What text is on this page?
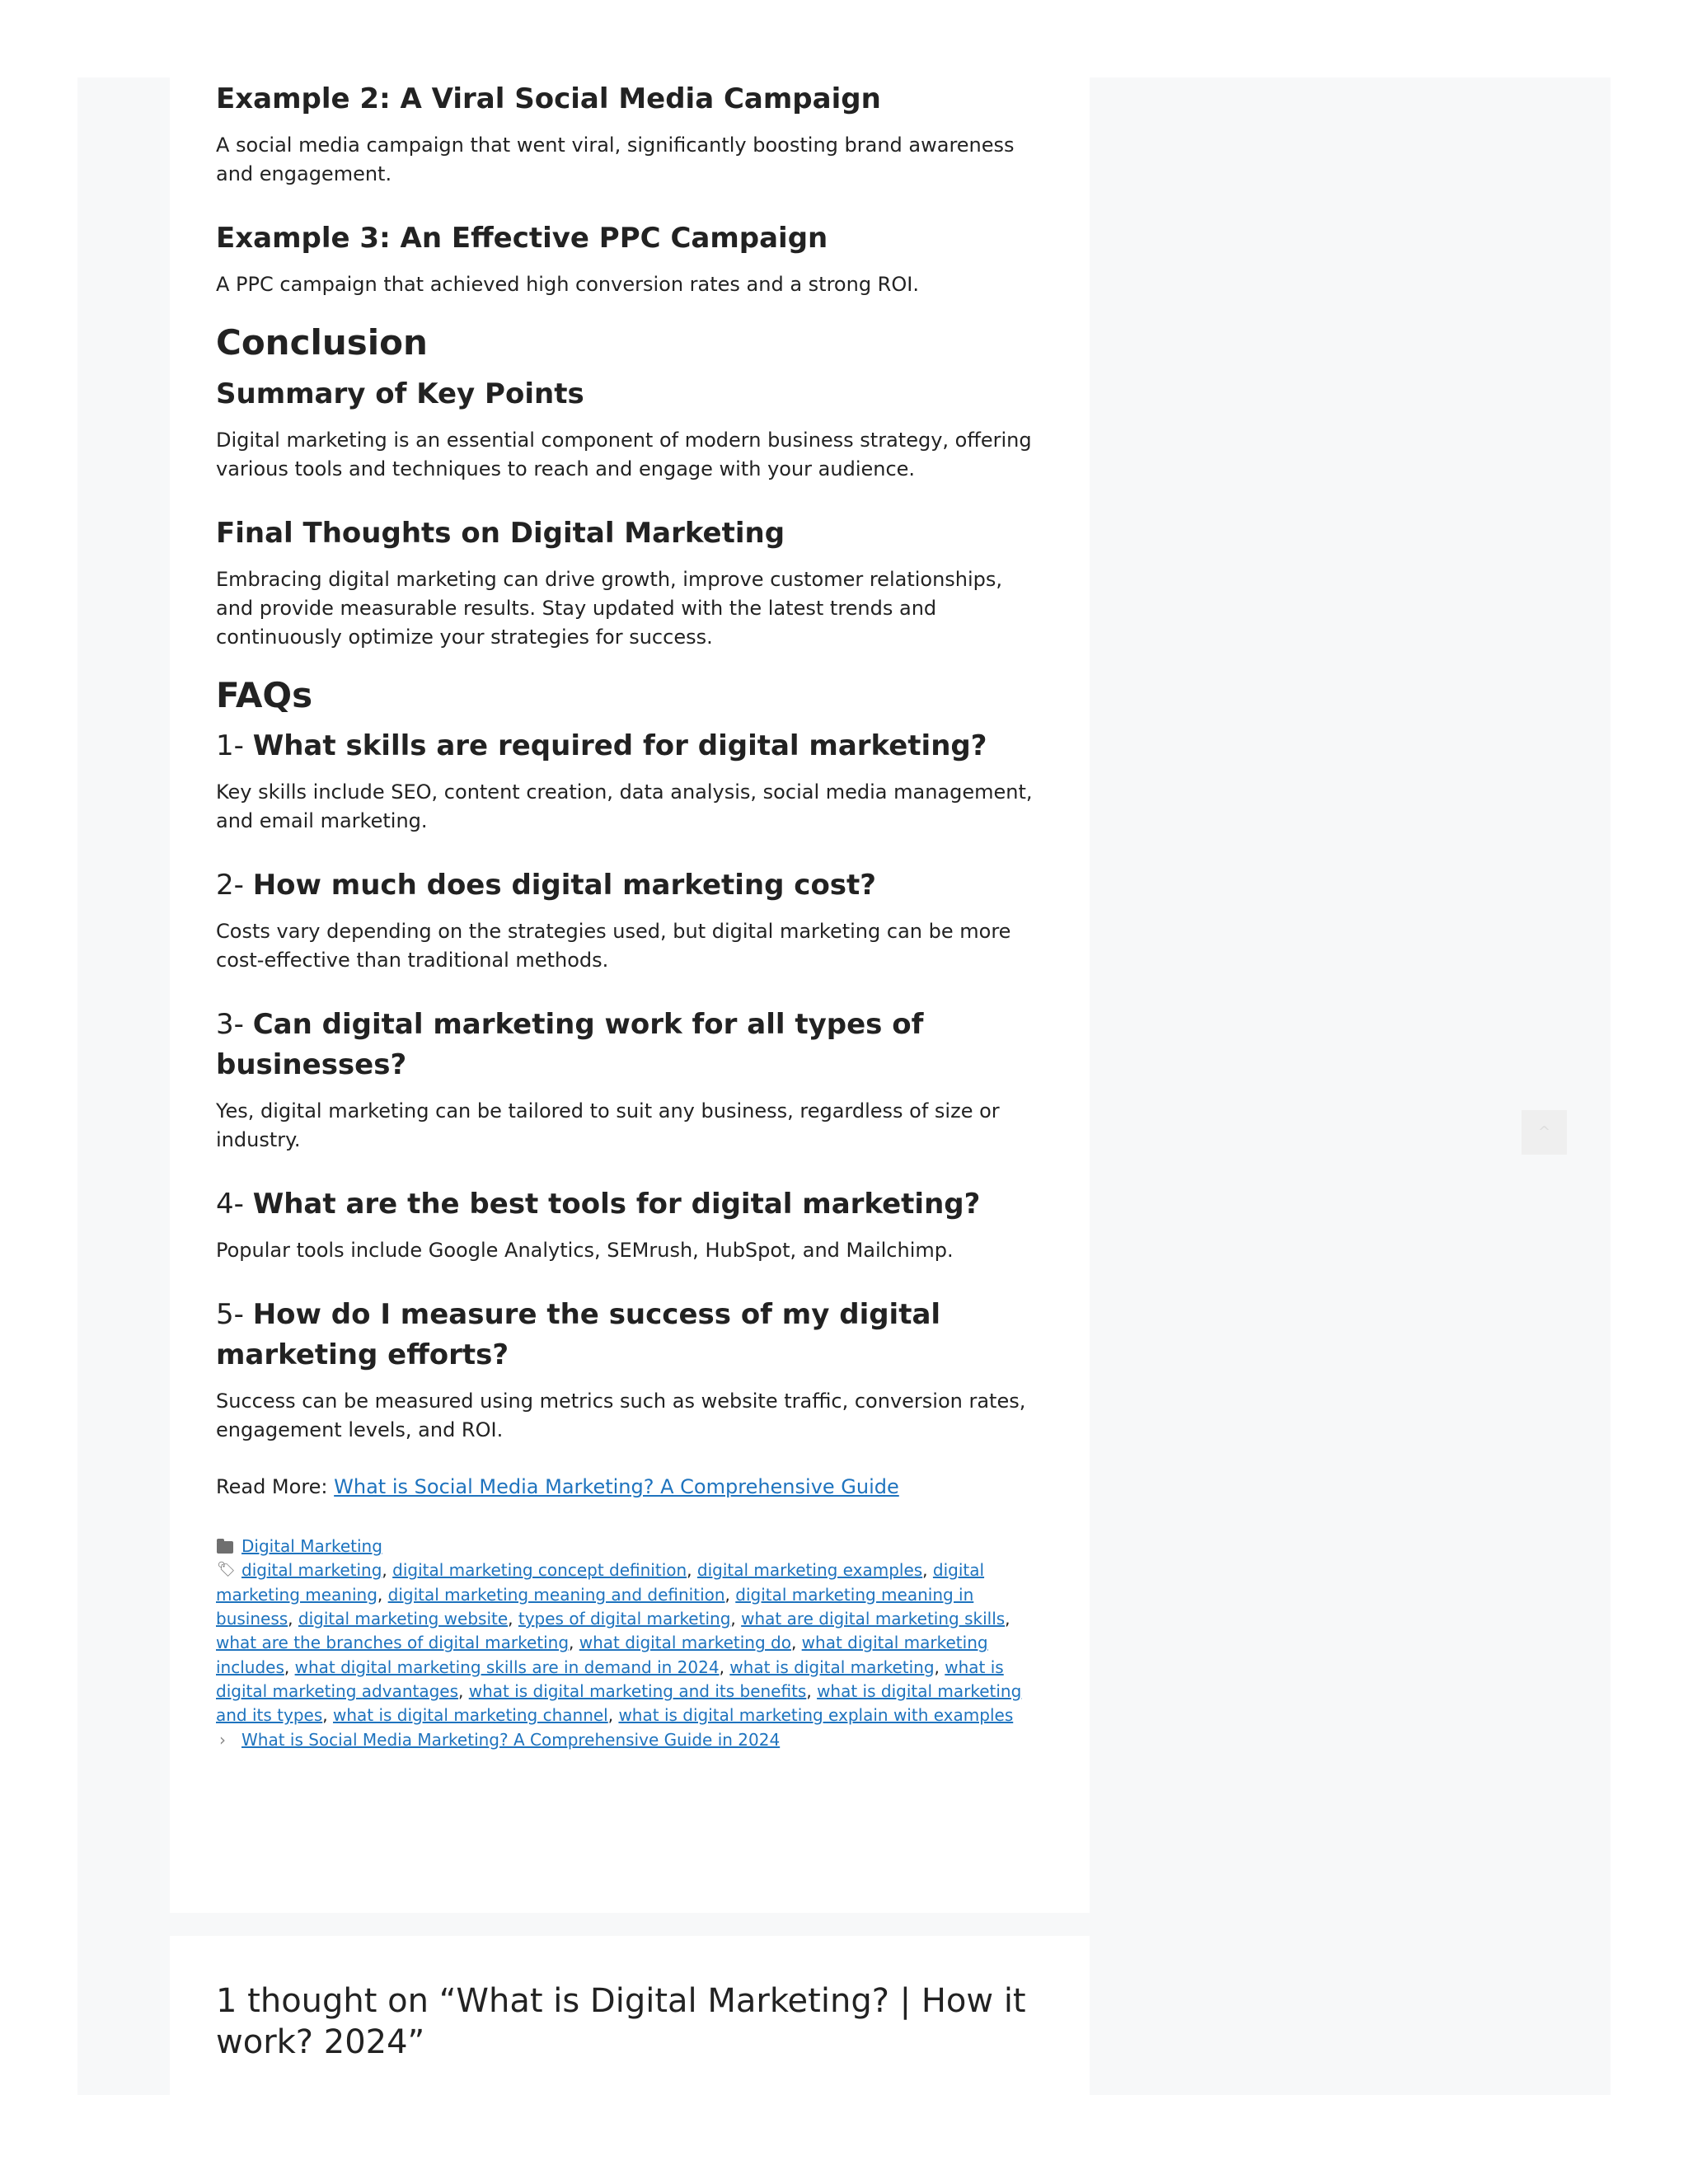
Example 2: A Viral Social Media Campaign

A social media campaign that went viral, significantly boosting brand awareness and engagement.

Example 3: An Effective PPC Campaign

A PPC campaign that achieved high conversion rates and a strong ROI.

Conclusion
Summary of Key Points

Digital marketing is an essential component of modern business strategy, offering various tools and techniques to reach and engage with your audience.

Final Thoughts on Digital Marketing

Embracing digital marketing can drive growth, improve customer relationships, and provide measurable results. Stay updated with the latest trends and continuously optimize your strategies for success.

FAQs
1- What skills are required for digital marketing?

Key skills include SEO, content creation, data analysis, social media management, and email marketing.

2- How much does digital marketing cost?

Costs vary depending on the strategies used, but digital marketing can be more cost-effective than traditional methods.

3- Can digital marketing work for all types of businesses?

Yes, digital marketing can be tailored to suit any business, regardless of size or industry.

4- What are the best tools for digital marketing?

Popular tools include Google Analytics, SEMrush, HubSpot, and Mailchimp.

5- How do I measure the success of my digital marketing efforts?

Success can be measured using metrics such as website traffic, conversion rates, engagement levels, and ROI.

Read More: What is Social Media Marketing? A Comprehensive Guide

Digital Marketing
🏷︎ digital marketing, digital marketing concept definition, digital marketing examples, digital marketing meaning, digital marketing meaning and definition, digital marketing meaning in business, digital marketing website, types of digital marketing, what are digital marketing skills, what are the branches of digital marketing, what digital marketing do, what digital marketing includes, what digital marketing skills are in demand in 2024, what is digital marketing, what is digital marketing advantages, what is digital marketing and its benefits, what is digital marketing and its types, what is digital marketing channel, what is digital marketing explain with examples
› What is Social Media Marketing? A Comprehensive Guide in 2024
1 thought on “What is Digital Marketing? | How it work? 2024”
^
